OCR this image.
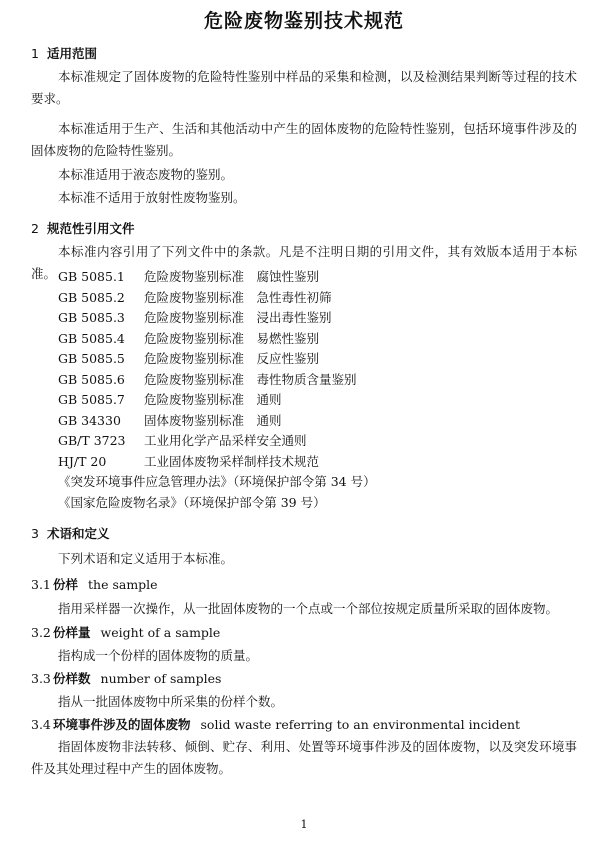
危险废物鉴别技术规范
1 适用范围
本标准规定了固体废物的危险特性鉴别中样品的采集和检测，以及检测结果判断等过程的技术要求。
本标准适用于生产、生活和其他活动中产生的固体废物的危险特性鉴别，包括环境事件涉及的固体废物的危险特性鉴别。
本标准适用于液态废物的鉴别。
本标准不适用于放射性废物鉴别。
2 规范性引用文件
本标准内容引用了下列文件中的条款。凡是不注明日期的引用文件，其有效版本适用于本标准。 GB 5085.1 危险废物鉴别标准　腐蚀性鉴别
GB 5085.2 危险废物鉴别标准　急性毒性初筛
GB 5085.3 危险废物鉴别标准　浸出毒性鉴别
GB 5085.4 危险废物鉴别标准　易燃性鉴别
GB 5085.5 危险废物鉴别标准　反应性鉴别
GB 5085.6 危险废物鉴别标准　毒性物质含量鉴别
GB 5085.7 危险废物鉴别标准　通则
GB 34330 固体废物鉴别标准　通则
GB/T 3723 工业用化学产品采样安全通则
HJ/T 20	工业固体废物采样制样技术规范
《突发环境事件应急管理办法》（环境保护部令第 34 号）
《国家危险废物名录》（环境保护部令第 39 号）
3 术语和定义
下列术语和定义适用于本标准。
3.1 份样 the sample
指用采样器一次操作，从一批固体废物的一个点或一个部位按规定质量所采取的固体废物。
3.2 份样量 weight of a sample
指构成一个份样的固体废物的质量。
3.3 份样数 number of samples
指从一批固体废物中所采集的份样个数。
3.4 环境事件涉及的固体废物 solid waste referring to an environmental incident
指固体废物非法转移、倾倒、贮存、利用、处置等环境事件涉及的固体废物，以及突发环境事件及其处理过程中产生的固体废物。
1
